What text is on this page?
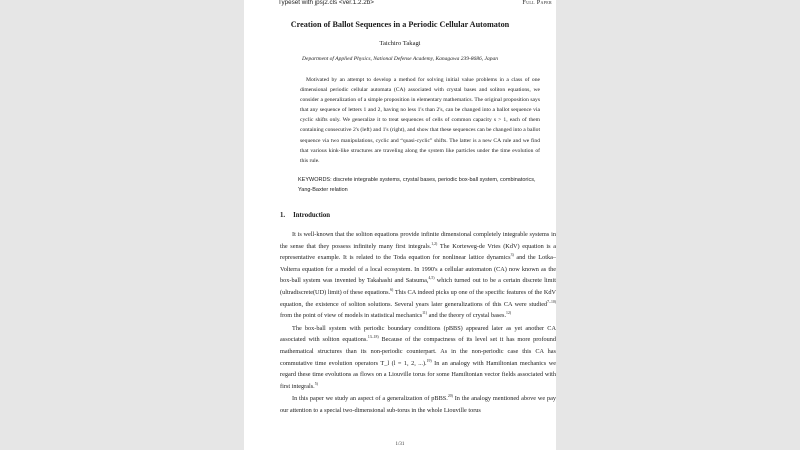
Typeset with jpsj2.cls <ver.1.2.2b>	Full Paper
Creation of Ballot Sequences in a Periodic Cellular Automaton
Taichiro Takagi
Department of Applied Physics, National Defense Academy, Kanagawa 239-8686, Japan
Motivated by an attempt to develop a method for solving initial value problems in a class of one dimensional periodic cellular automata (CA) associated with crystal bases and soliton equations, we consider a generalization of a simple proposition in elementary mathematics. The original proposition says that any sequence of letters 1 and 2, having no less 1's than 2's, can be changed into a ballot sequence via cyclic shifts only. We generalize it to treat sequences of cells of common capacity s > 1, each of them containing consecutive 2's (left) and 1's (right), and show that these sequences can be changed into a ballot sequence via two manipulations, cyclic and “quasi-cyclic” shifts. The latter is a new CA rule and we find that various kink-like structures are traveling along the system like particles under the time evolution of this rule.
KEYWORDS: discrete integrable systems, crystal bases, periodic box-ball system, combinatorics, Yang-Baxter relation
1. Introduction

It is well-known that the soliton equations provide infinite dimensional completely integrable systems in the sense that they possess infinitely many first integrals.$^{1,2)}$ The Korteweg-de Vries (KdV) equation is a representative example. It is related to the Toda equation for nonlinear lattice dynamics$^{3)}$ and the Lotka–Volterra equation for a model of a local ecosystem. In 1990's a cellular automaton (CA) now known as the box-ball system was invented by Takahashi and Satsuma,$^{4,5)}$ which turned out to be a certain discrete limit (ultradiscrete(UD) limit) of these equations.$^{6)}$ This CA indeed picks up one of the specific features of the KdV equation, the existence of soliton solutions. Several years later generalizations of this CA were studied$^{7-10)}$ from the point of view of models in statistical mechanics$^{11)}$ and the theory of crystal bases.$^{12)}$

The box-ball system with periodic boundary conditions (pBBS) appeared later as yet another CA associated with soliton equations.$^{13-18)}$ Because of the compactness of its level set it has more profound mathematical structures than its non-periodic counterpart. As in the non-periodic case this CA has commutative time evolution operators T_l (l = 1, 2, ...).$^{19)}$ In an analogy with Hamiltonian mechanics we regard these time evolutions as flows on a Liouville torus for some Hamiltonian vector fields associated with first integrals.$^{5)}$

In this paper we study an aspect of a generalization of pBBS.$^{20)}$ In the analogy mentioned above we pay our attention to a special two-dimensional sub-torus in the whole Liouville torus

1/31
